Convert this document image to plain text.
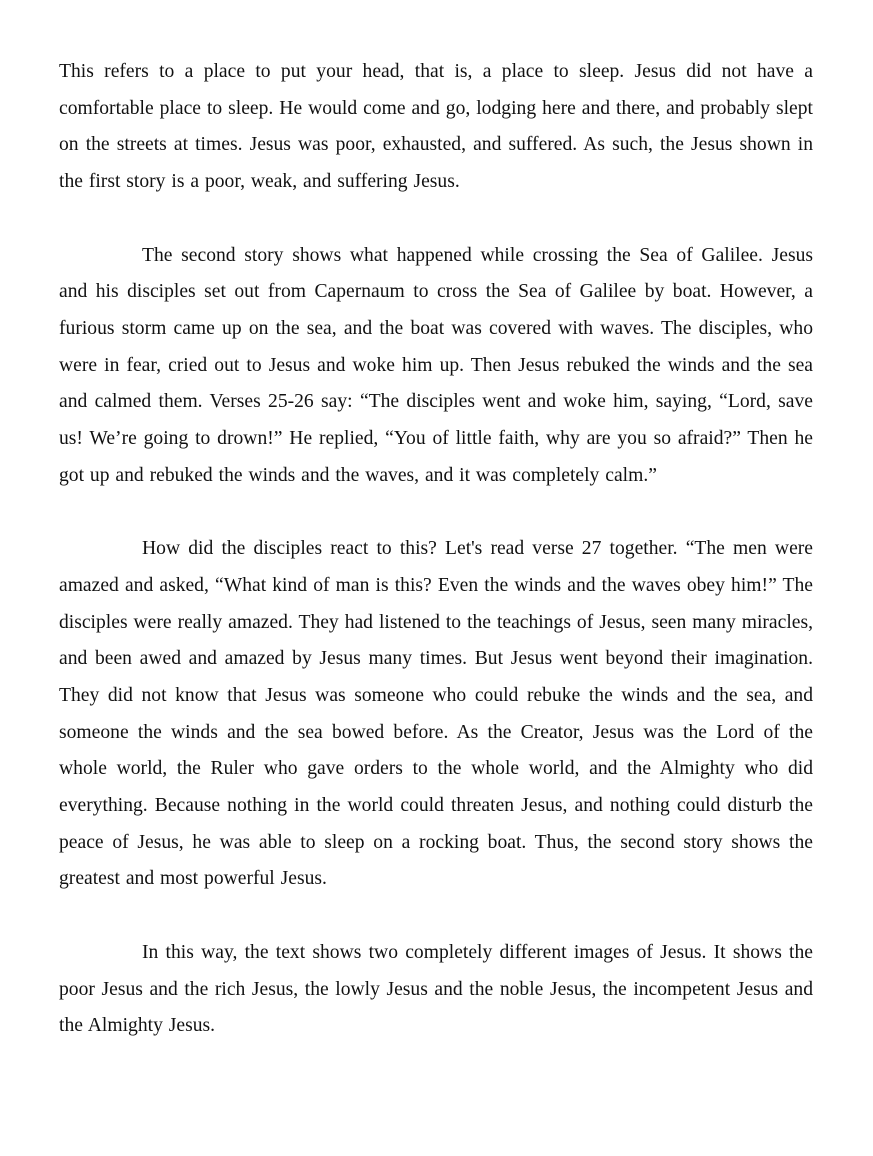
This refers to a place to put your head, that is, a place to sleep. Jesus did not have a comfortable place to sleep. He would come and go, lodging here and there, and probably slept on the streets at times. Jesus was poor, exhausted, and suffered. As such, the Jesus shown in the first story is a poor, weak, and suffering Jesus.

The second story shows what happened while crossing the Sea of Galilee. Jesus and his disciples set out from Capernaum to cross the Sea of Galilee by boat. However, a furious storm came up on the sea, and the boat was covered with waves. The disciples, who were in fear, cried out to Jesus and woke him up. Then Jesus rebuked the winds and the sea and calmed them. Verses 25-26 say: “The disciples went and woke him, saying, “Lord, save us! We’re going to drown!” He replied, “You of little faith, why are you so afraid?” Then he got up and rebuked the winds and the waves, and it was completely calm.”

How did the disciples react to this? Let's read verse 27 together. “The men were amazed and asked, “What kind of man is this? Even the winds and the waves obey him!” The disciples were really amazed. They had listened to the teachings of Jesus, seen many miracles, and been awed and amazed by Jesus many times. But Jesus went beyond their imagination. They did not know that Jesus was someone who could rebuke the winds and the sea, and someone the winds and the sea bowed before. As the Creator, Jesus was the Lord of the whole world, the Ruler who gave orders to the whole world, and the Almighty who did everything. Because nothing in the world could threaten Jesus, and nothing could disturb the peace of Jesus, he was able to sleep on a rocking boat. Thus, the second story shows the greatest and most powerful Jesus.

In this way, the text shows two completely different images of Jesus. It shows the poor Jesus and the rich Jesus, the lowly Jesus and the noble Jesus, the incompetent Jesus and the Almighty Jesus.
